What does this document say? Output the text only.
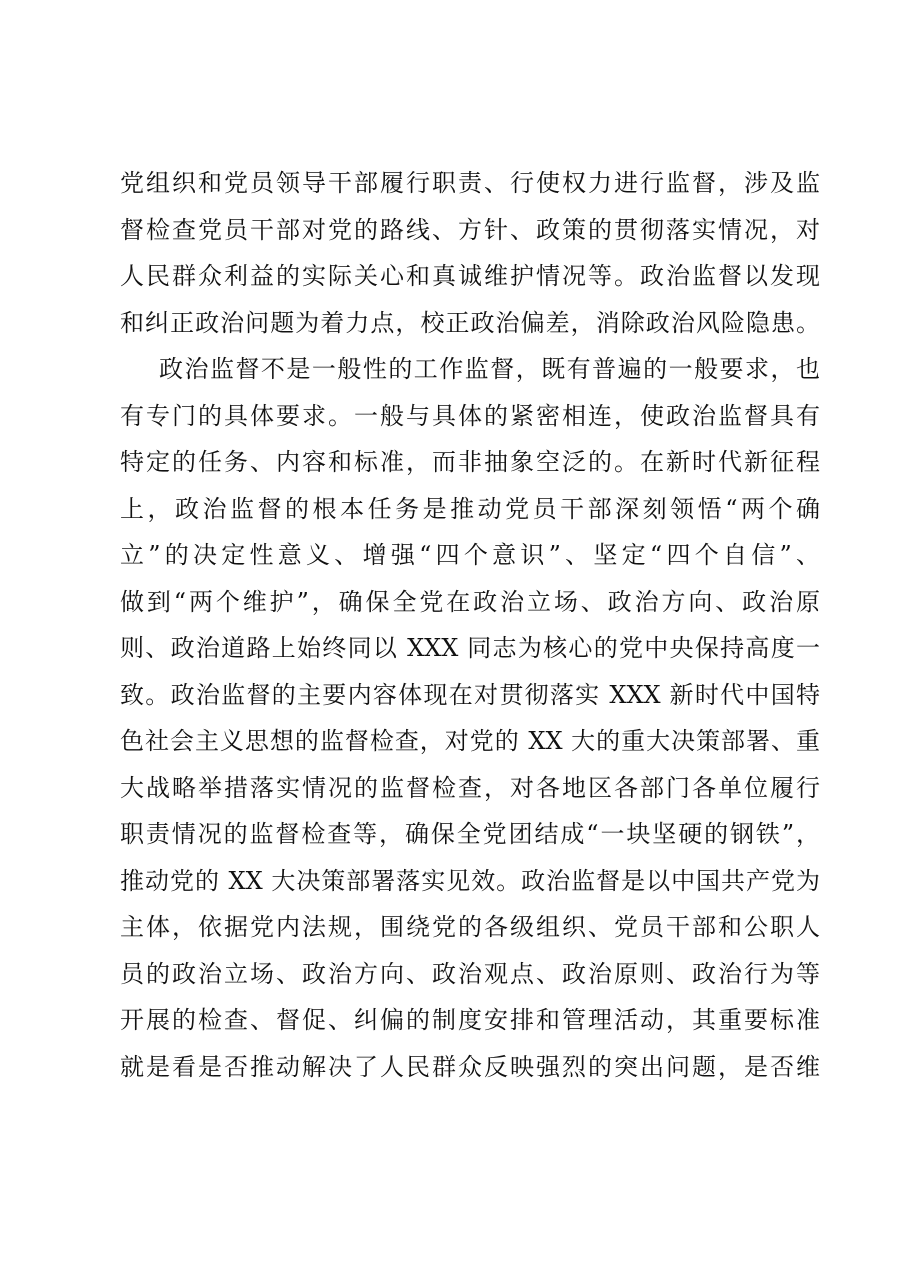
党组织和党员领导干部履行职责、行使权力进行监督，涉及监
督检查党员干部对党的路线、方针、政策的贯彻落实情况，对
人民群众利益的实际关心和真诚维护情况等。政治监督以发现
和纠正政治问题为着力点，校正政治偏差，消除政治风险隐患。
政治监督不是一般性的工作监督，既有普遍的一般要求，也
有专门的具体要求。一般与具体的紧密相连，使政治监督具有
特定的任务、内容和标准，而非抽象空泛的。在新时代新征程
上，政治监督的根本任务是推动党员干部深刻领悟“两个确
立”的决定性意义、增强“四个意识”、坚定“四个自信”、
做到“两个维护”，确保全党在政治立场、政治方向、政治原
则、政治道路上始终同以 XXX 同志为核心的党中央保持高度一
致。政治监督的主要内容体现在对贯彻落实 XXX 新时代中国特
色社会主义思想的监督检查，对党的 XX 大的重大决策部署、重
大战略举措落实情况的监督检查，对各地区各部门各单位履行
职责情况的监督检查等，确保全党团结成“一块坚硬的钢铁”，
推动党的 XX 大决策部署落实见效。政治监督是以中国共产党为
主体，依据党内法规，围绕党的各级组织、党员干部和公职人
员的政治立场、政治方向、政治观点、政治原则、政治行为等
开展的检查、督促、纠偏的制度安排和管理活动，其重要标准
就是看是否推动解决了人民群众反映强烈的突出问题，是否维
